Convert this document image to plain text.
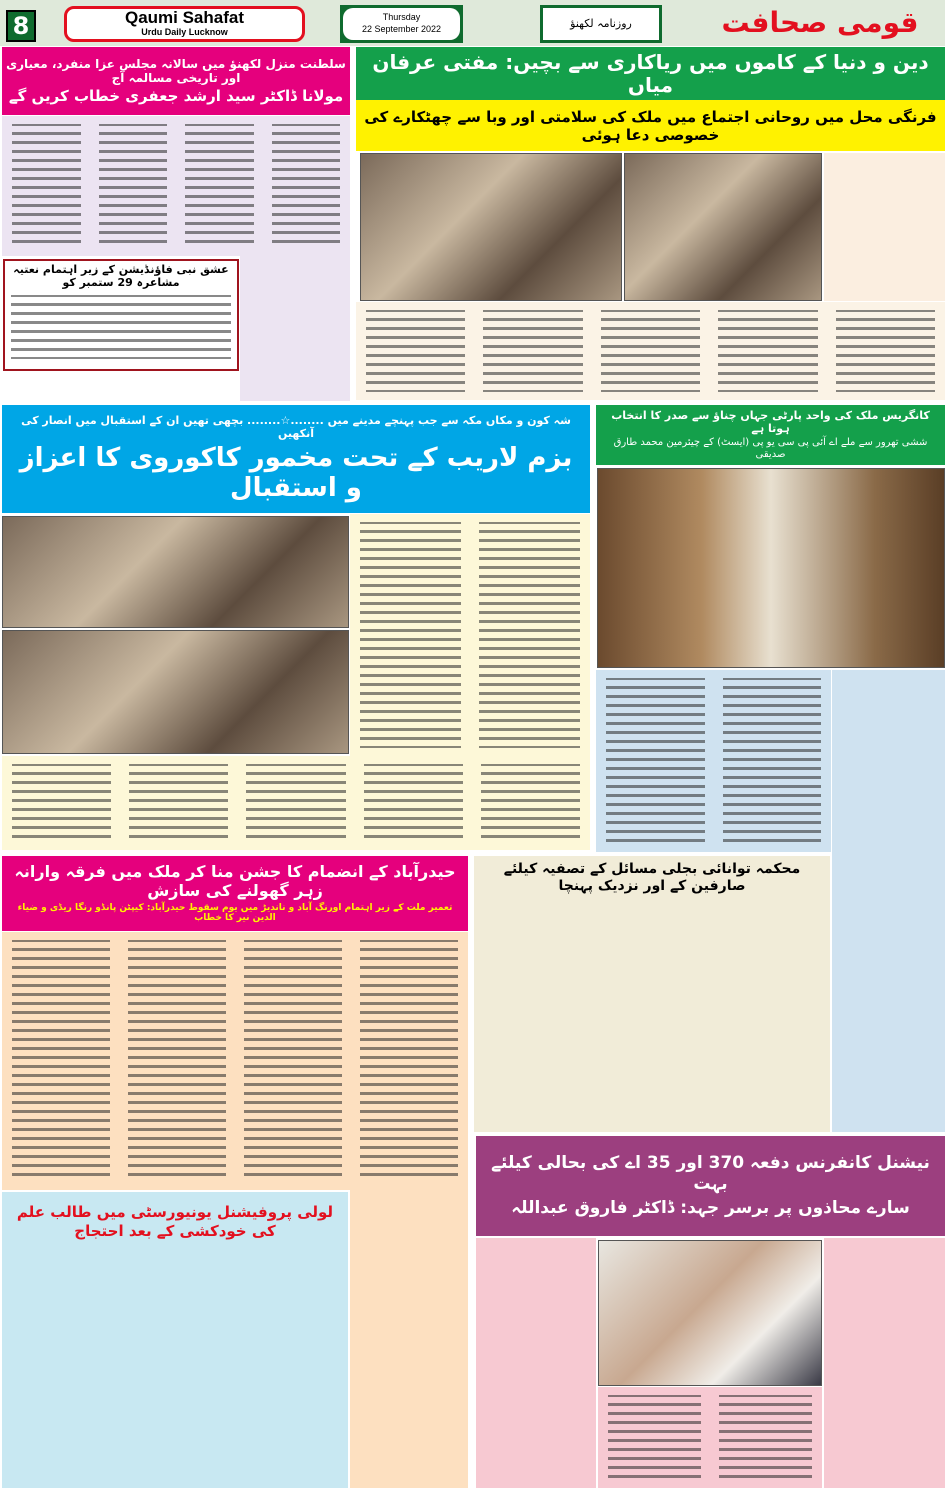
8	Qaumi Sahafat
Urdu Daily Lucknow
Thursday
22 September 2022	روزنامہ لکھنؤ	قومی صحافت
سلطنت منزل لکھنؤ میں سالانہ مجلس عزا منفرد، معیاری اور تاریخی مسالمہ آج
مولانا ڈاکٹر سید ارشد جعفری خطاب کریں گے
عشق نبی فاؤنڈیشن کے زیر اہتمام نعتیہ مشاعرہ 29 ستمبر کو
دین و دنیا کے کاموں میں ریاکاری سے بچیں: مفتی عرفان میاں
فرنگی محل میں روحانی اجتماع میں ملک کی سلامتی اور وبا سے چھٹکارے کی خصوصی دعا ہوئی
شہ کون و مکاں مکہ سے جب پہنچے مدینے میں ........☆........ بچھی تھیں ان کے استقبال میں انصار کی آنکھیں
بزم لاریب کے تحت مخمور کاکوروی کا اعزاز و استقبال
کانگریس ملک کی واحد پارٹی جہاں چناؤ سے صدر کا انتخاب ہوتا ہے
ششی تھرور سے ملے اے آئی پی سی یو پی (ایسٹ) کے چیئرمین محمد طارق صدیقی
حیدرآباد کے انضمام کا جشن منا کر ملک میں فرقہ وارانہ زہر گھولنے کی سازش
تعمیر ملت کے زیر اہتمام اورنگ آباد و ناندیڑ میں یوم سقوط حیدرآباد: کیپٹن پانڈو رنگا ریڈی و ضیاء الدین نیر کا خطاب
محکمہ توانائی بجلی مسائل کے تصفیہ کیلئے صارفین کے اور نزدیک پہنچا
نیشنل کانفرنس دفعہ 370 اور 35 اے کی بحالی کیلئے بہت
سارے محاذوں پر برسر جہد: ڈاکٹر فاروق عبداللہ
لولی پروفیشنل یونیورسٹی میں طالب علم کی خودکشی کے بعد احتجاج
